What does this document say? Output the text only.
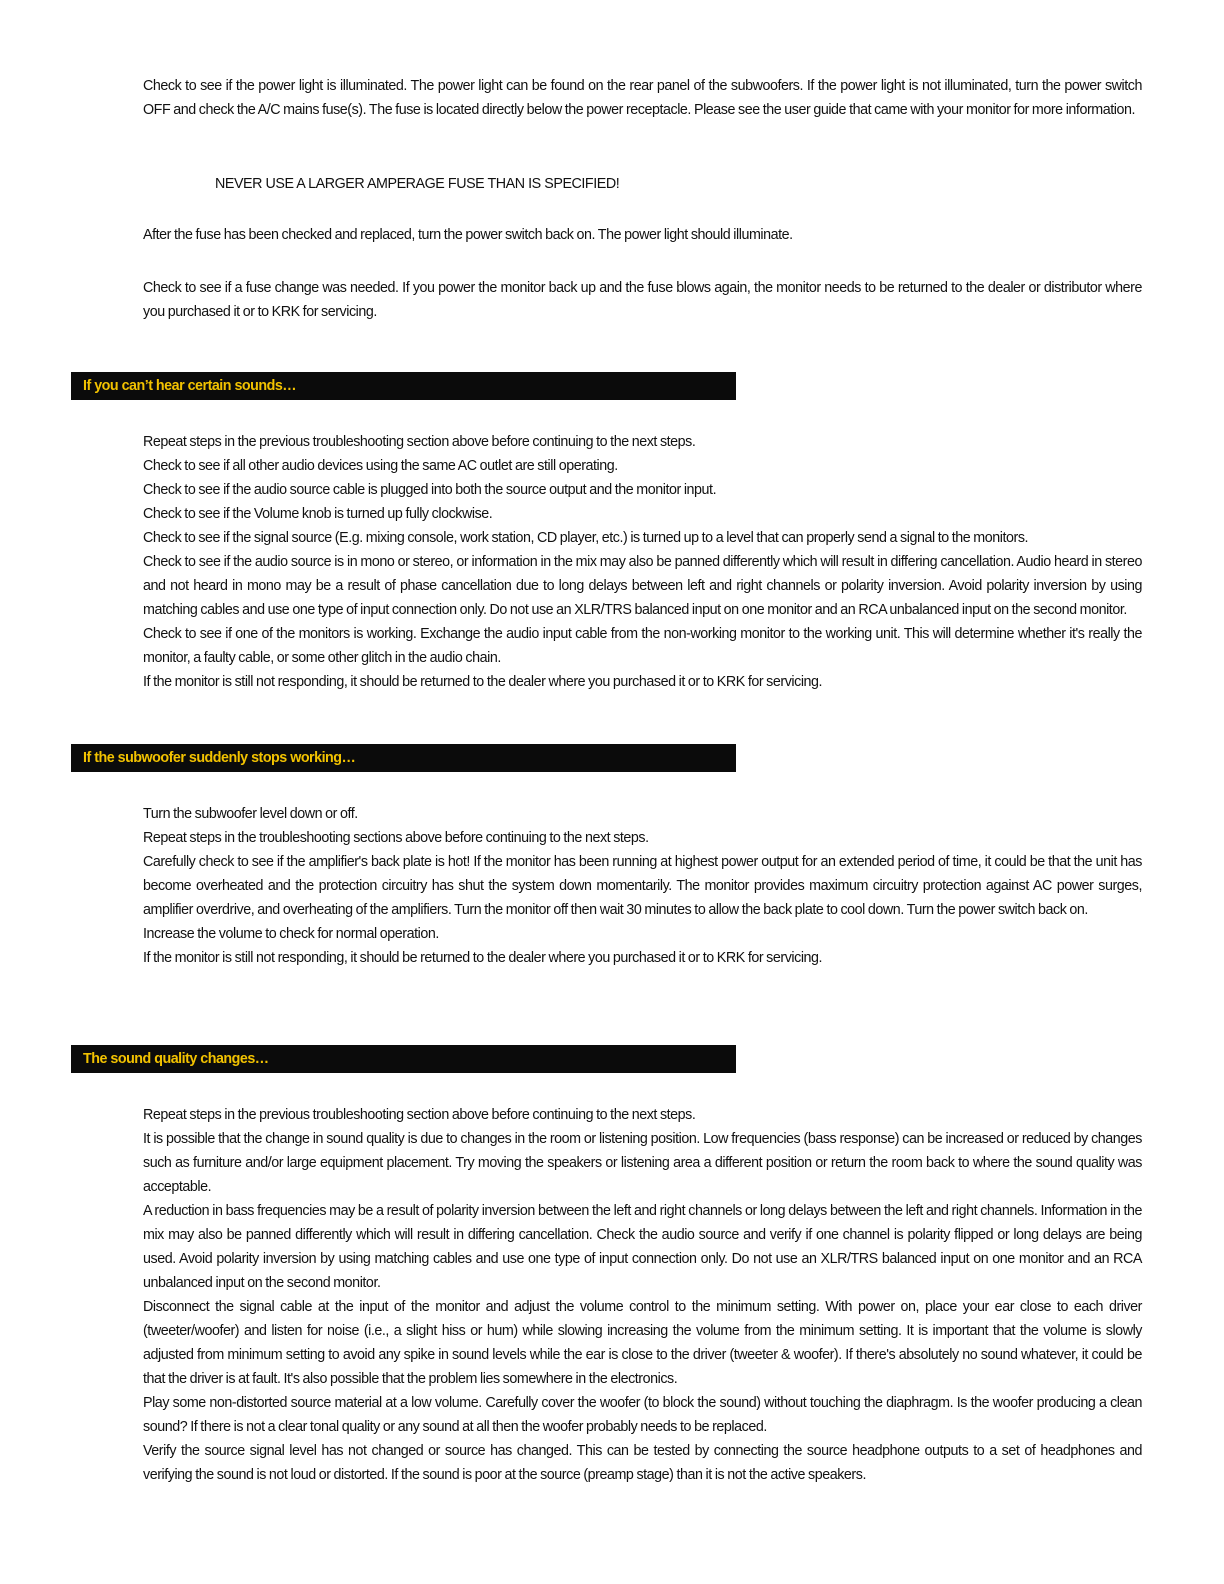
Check to see if the power light is illuminated. The power light can be found on the rear panel of the subwoofers. If the power light is not illuminated, turn the power switch OFF and check the A/C mains fuse(s). The fuse is located directly below the power receptacle. Please see the user guide that came with your monitor for more information.

NEVER USE A LARGER AMPERAGE FUSE THAN IS SPECIFIED!

After the fuse has been checked and replaced, turn the power switch back on. The power light should illuminate.

Check to see if a fuse change was needed. If you power the monitor back up and the fuse blows again, the monitor needs to be returned to the dealer or distributor where you purchased it or to KRK for servicing.

If you can’t hear certain sounds…

Repeat steps in the previous troubleshooting section above before continuing to the next steps.

Check to see if all other audio devices using the same AC outlet are still operating.

Check to see if the audio source cable is plugged into both the source output and the monitor input.

Check to see if the Volume knob is turned up fully clockwise.

Check to see if the signal source (E.g. mixing console, work station, CD player, etc.) is turned up to a level that can properly send a signal to the monitors.

Check to see if the audio source is in mono or stereo, or information in the mix may also be panned differently which will result in differing cancellation. Audio heard in stereo and not heard in mono may be a result of phase cancellation due to long delays between left and right channels or polarity inversion. Avoid polarity inversion by using matching cables and use one type of input connection only. Do not use an XLR/TRS balanced input on one monitor and an RCA unbalanced input on the second monitor.

Check to see if one of the monitors is working. Exchange the audio input cable from the non-working monitor to the working unit. This will determine whether it's really the monitor, a faulty cable, or some other glitch in the audio chain.

If the monitor is still not responding, it should be returned to the dealer where you purchased it or to KRK for servicing.

If the subwoofer suddenly stops working…

Turn the subwoofer level down or off.

Repeat steps in the troubleshooting sections above before continuing to the next steps.

Carefully check to see if the amplifier's back plate is hot! If the monitor has been running at highest power output for an extended period of time, it could be that the unit has become overheated and the protection circuitry has shut the system down momentarily. The monitor provides maximum circuitry protection against AC power surges, amplifier overdrive, and overheating of the amplifiers. Turn the monitor off then wait 30 minutes to allow the back plate to cool down. Turn the power switch back on.

Increase the volume to check for normal operation.

If the monitor is still not responding, it should be returned to the dealer where you purchased it or to KRK for servicing.

The sound quality changes…

Repeat steps in the previous troubleshooting section above before continuing to the next steps.

It is possible that the change in sound quality is due to changes in the room or listening position. Low frequencies (bass response) can be increased or reduced by changes such as furniture and/or large equipment placement. Try moving the speakers or listening area a different position or return the room back to where the sound quality was acceptable.

A reduction in bass frequencies may be a result of polarity inversion between the left and right channels or long delays between the left and right channels. Information in the mix may also be panned differently which will result in differing cancellation. Check the audio source and verify if one channel is polarity flipped or long delays are being used. Avoid polarity inversion by using matching cables and use one type of input connection only. Do not use an XLR/TRS balanced input on one monitor and an RCA unbalanced input on the second monitor.

Disconnect the signal cable at the input of the monitor and adjust the volume control to the minimum setting. With power on, place your ear close to each driver (tweeter/woofer) and listen for noise (i.e., a slight hiss or hum) while slowing increasing the volume from the minimum setting. It is important that the volume is slowly adjusted from minimum setting to avoid any spike in sound levels while the ear is close to the driver (tweeter & woofer). If there's absolutely no sound whatever, it could be that the driver is at fault. It's also possible that the problem lies somewhere in the electronics.

Play some non-distorted source material at a low volume. Carefully cover the woofer (to block the sound) without touching the diaphragm. Is the woofer producing a clean sound? If there is not a clear tonal quality or any sound at all then the woofer probably needs to be replaced.

Verify the source signal level has not changed or source has changed. This can be tested by connecting the source headphone outputs to a set of headphones and verifying the sound is not loud or distorted. If the sound is poor at the source (preamp stage) than it is not the active speakers.
